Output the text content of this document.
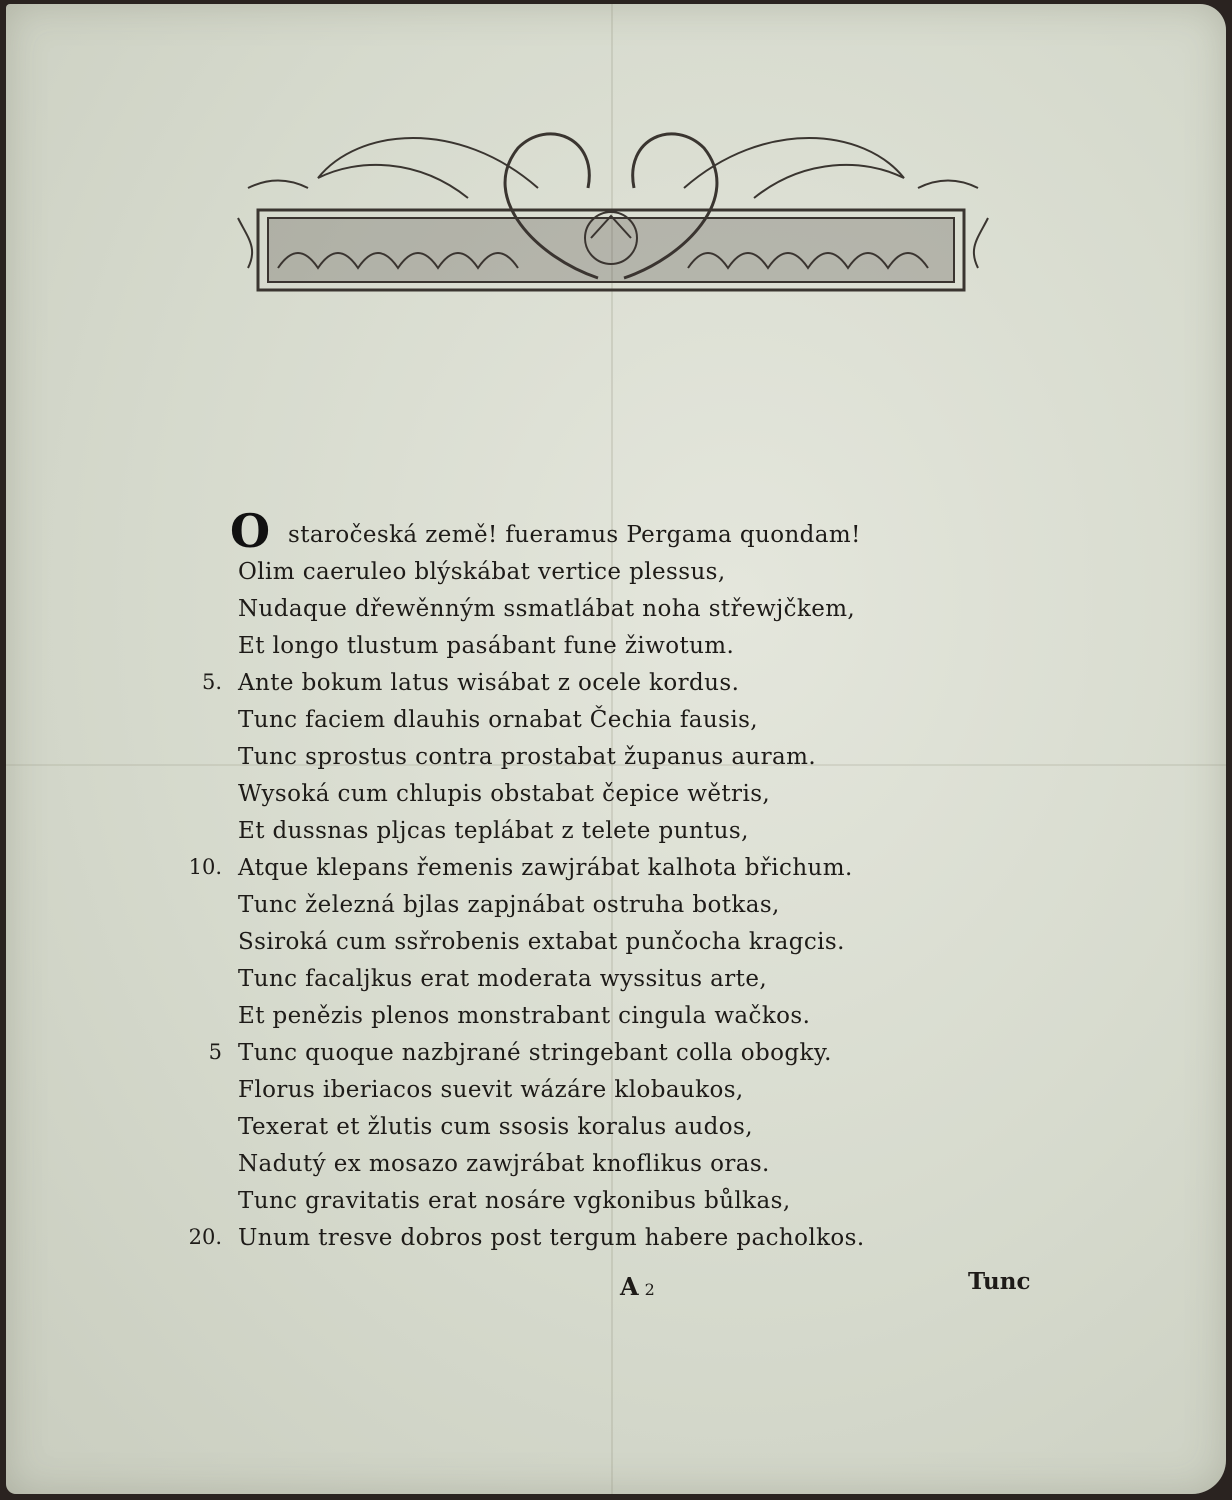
O staročeská země! fueramus Pergama quondam!
Olim caeruleo blýskábat vertice plessus,
Nudaque dřewěnným ssmatlábat noha střewjčkem,
Et longo tlustum pasábant fune žiwotum.
5. Ante bokum latus wisábat z ocele kordus.
Tunc faciem dlauhis ornabat Čechia fausis,
Tunc sprostus contra prostabat županus auram.
Wysoká cum chlupis obstabat čepice wětris,
Et dussnas pljcas teplábat z telete puntus,
10. Atque klepans řemenis zawjrábat kalhota břichum.
Tunc železná bjlas zapjnábat ostruha botkas,
Ssiroká cum ssřrobenis extabat punčocha kragcis.
Tunc facaljkus erat moderata wyssitus arte,
Et penězis plenos monstrabant cingula wačkos.
5 Tunc quoque nazbjrané stringebant colla obogky.
Florus iberiacos suevit wázáre klobaukos,
Texerat et žlutis cum ssosis koralus audos,
Nadutý ex mosazo zawjrábat knoflikus oras.
Tunc gravitatis erat nosáre vgkonibus bůlkas,
20. Unum tresve dobros post tergum habere pacholkos.
A 2	Tunc
